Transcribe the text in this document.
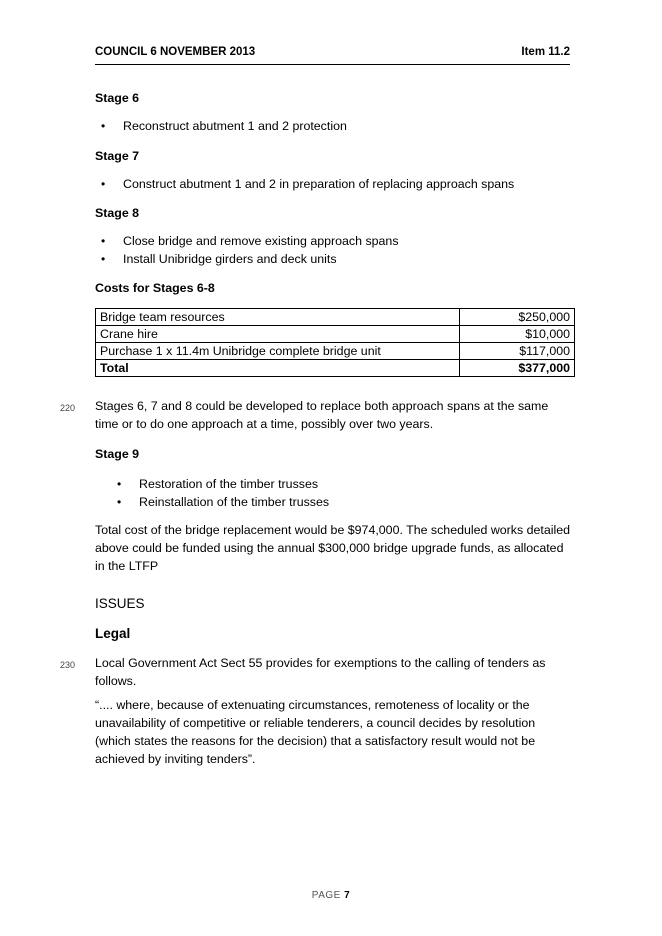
COUNCIL 6 NOVEMBER 2013	Item 11.2
Stage 6
•	Reconstruct abutment 1 and 2 protection
Stage 7
•	Construct abutment 1 and 2 in preparation of replacing approach spans
Stage 8
•	Close bridge and remove existing approach spans
•	Install Unibridge girders and deck units
Costs for Stages 6-8
Bridge team resources	$250,000
Crane hire	$10,000
Purchase 1 x 11.4m Unibridge complete bridge unit	$117,000
Total	$377,000
220 Stages 6, 7 and 8 could be developed to replace both approach spans at the same time or to do one approach at a time, possibly over two years.
Stage 9
•	Restoration of the timber trusses
•	Reinstallation of the timber trusses
Total cost of the bridge replacement would be $974,000. The scheduled works detailed above could be funded using the annual $300,000 bridge upgrade funds, as allocated in the LTFP
ISSUES
Legal
230 Local Government Act Sect 55 provides for exemptions to the calling of tenders as follows.
“.... where, because of extenuating circumstances, remoteness of locality or the unavailability of competitive or reliable tenderers, a council decides by resolution (which states the reasons for the decision) that a satisfactory result would not be achieved by inviting tenders”.
PAGE 7
